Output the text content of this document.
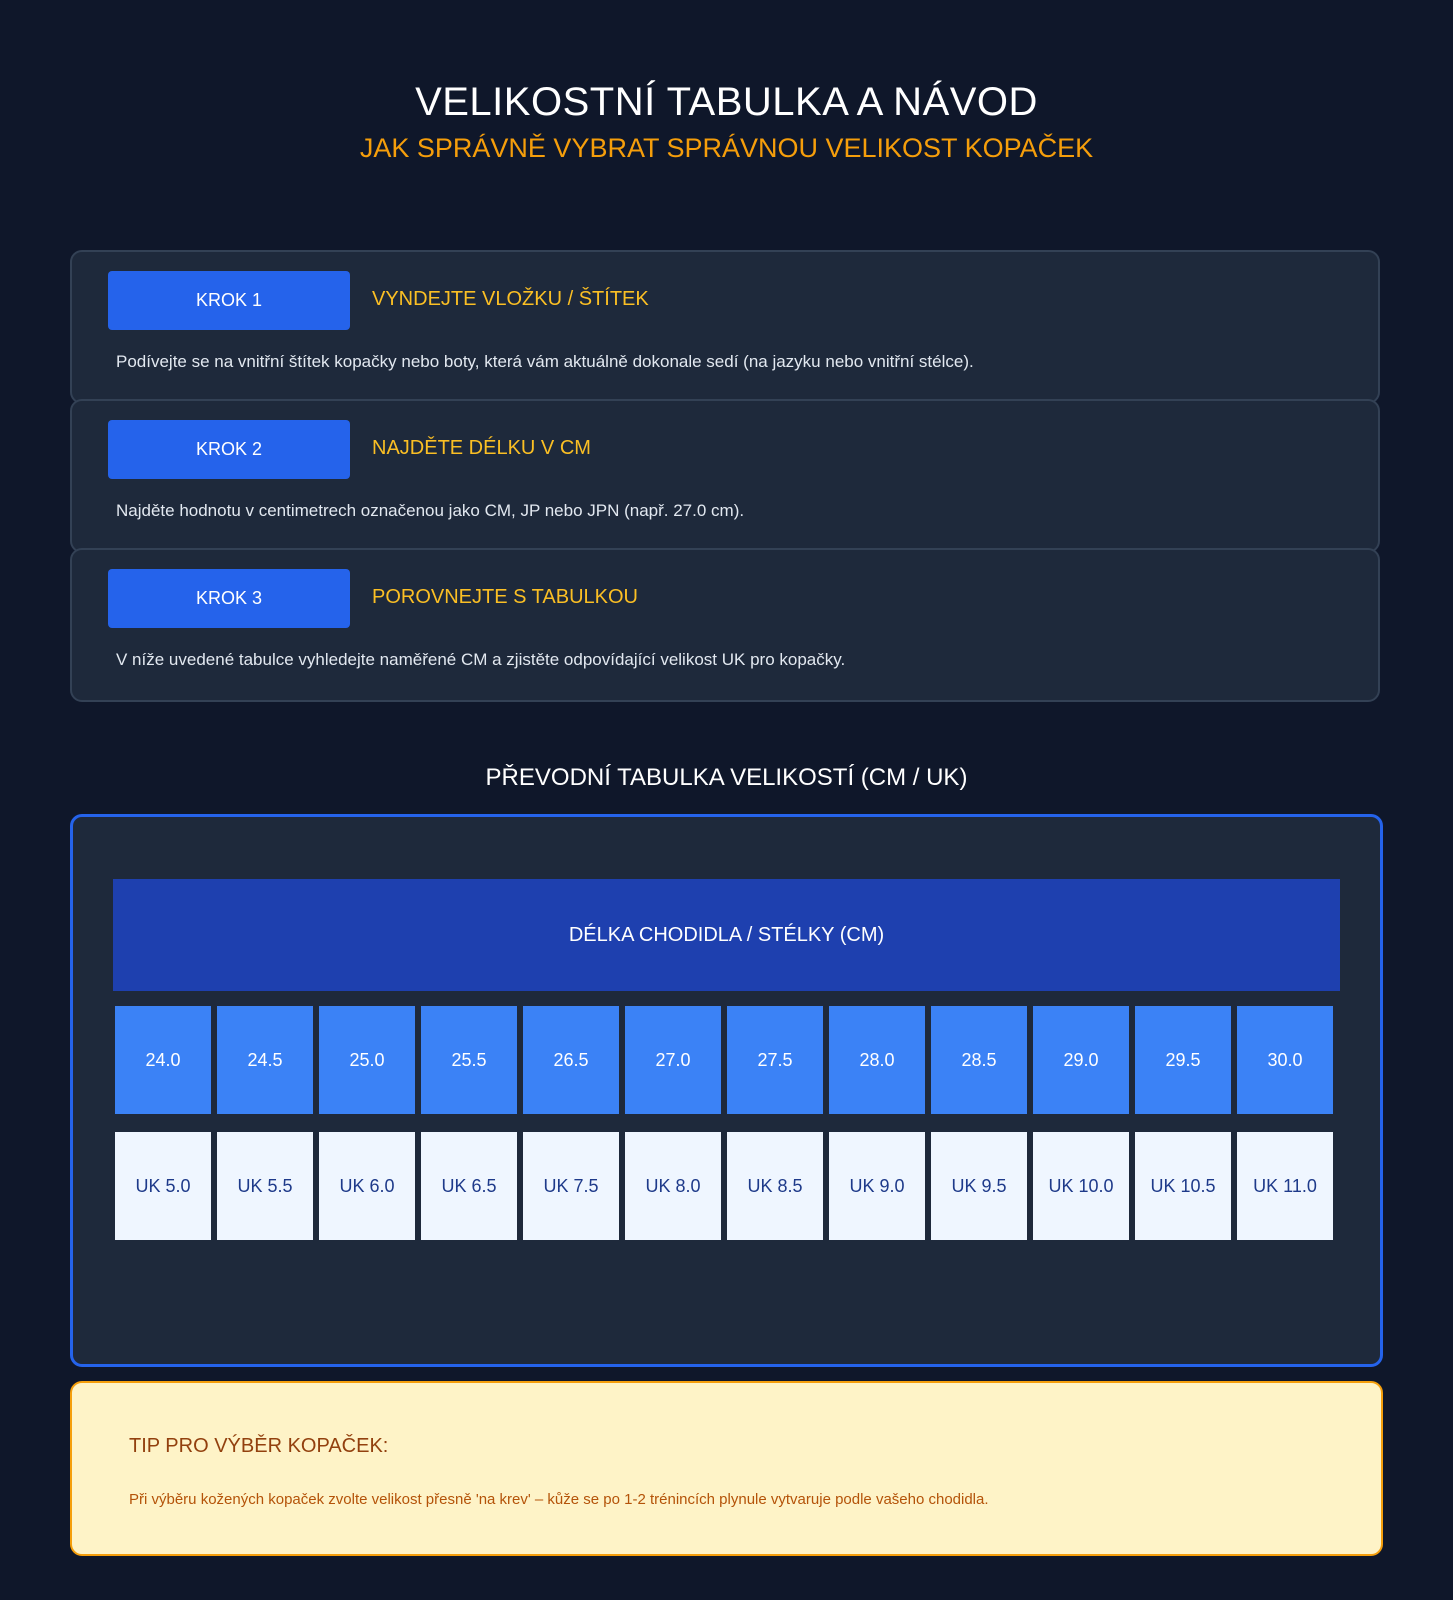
VELIKOSTNÍ TABULKA A NÁVOD
JAK SPRÁVNĚ VYBRAT SPRÁVNOU VELIKOST KOPAČEK
KROK 1	VYNDEJTE VLOŽKU / ŠTÍTEK
Podívejte se na vnitřní štítek kopačky nebo boty, která vám aktuálně dokonale sedí (na jazyku nebo vnitřní stélce).
KROK 2	NAJDĚTE DÉLKU V CM
Najděte hodnotu v centimetrech označenou jako CM, JP nebo JPN (např. 27.0 cm).
KROK 3	POROVNEJTE S TABULKOU
V níže uvedené tabulce vyhledejte naměřené CM a zjistěte odpovídající velikost UK pro kopačky.
PŘEVODNÍ TABULKA VELIKOSTÍ (CM / UK)
DÉLKA CHODIDLA / STÉLKY (CM)
24.0	24.5	25.0	25.5	26.5	27.0	27.5	28.0	28.5	29.0	29.5	30.0
UK 5.0	UK 5.5	UK 6.0	UK 6.5	UK 7.5	UK 8.0	UK 8.5	UK 9.0	UK 9.5	UK 10.0	UK 10.5	UK 11.0
TIP PRO VÝBĚR KOPAČEK:
Při výběru kožených kopaček zvolte velikost přesně 'na krev' – kůže se po 1-2 trénincích plynule vytvaruje podle vašeho chodidla.
